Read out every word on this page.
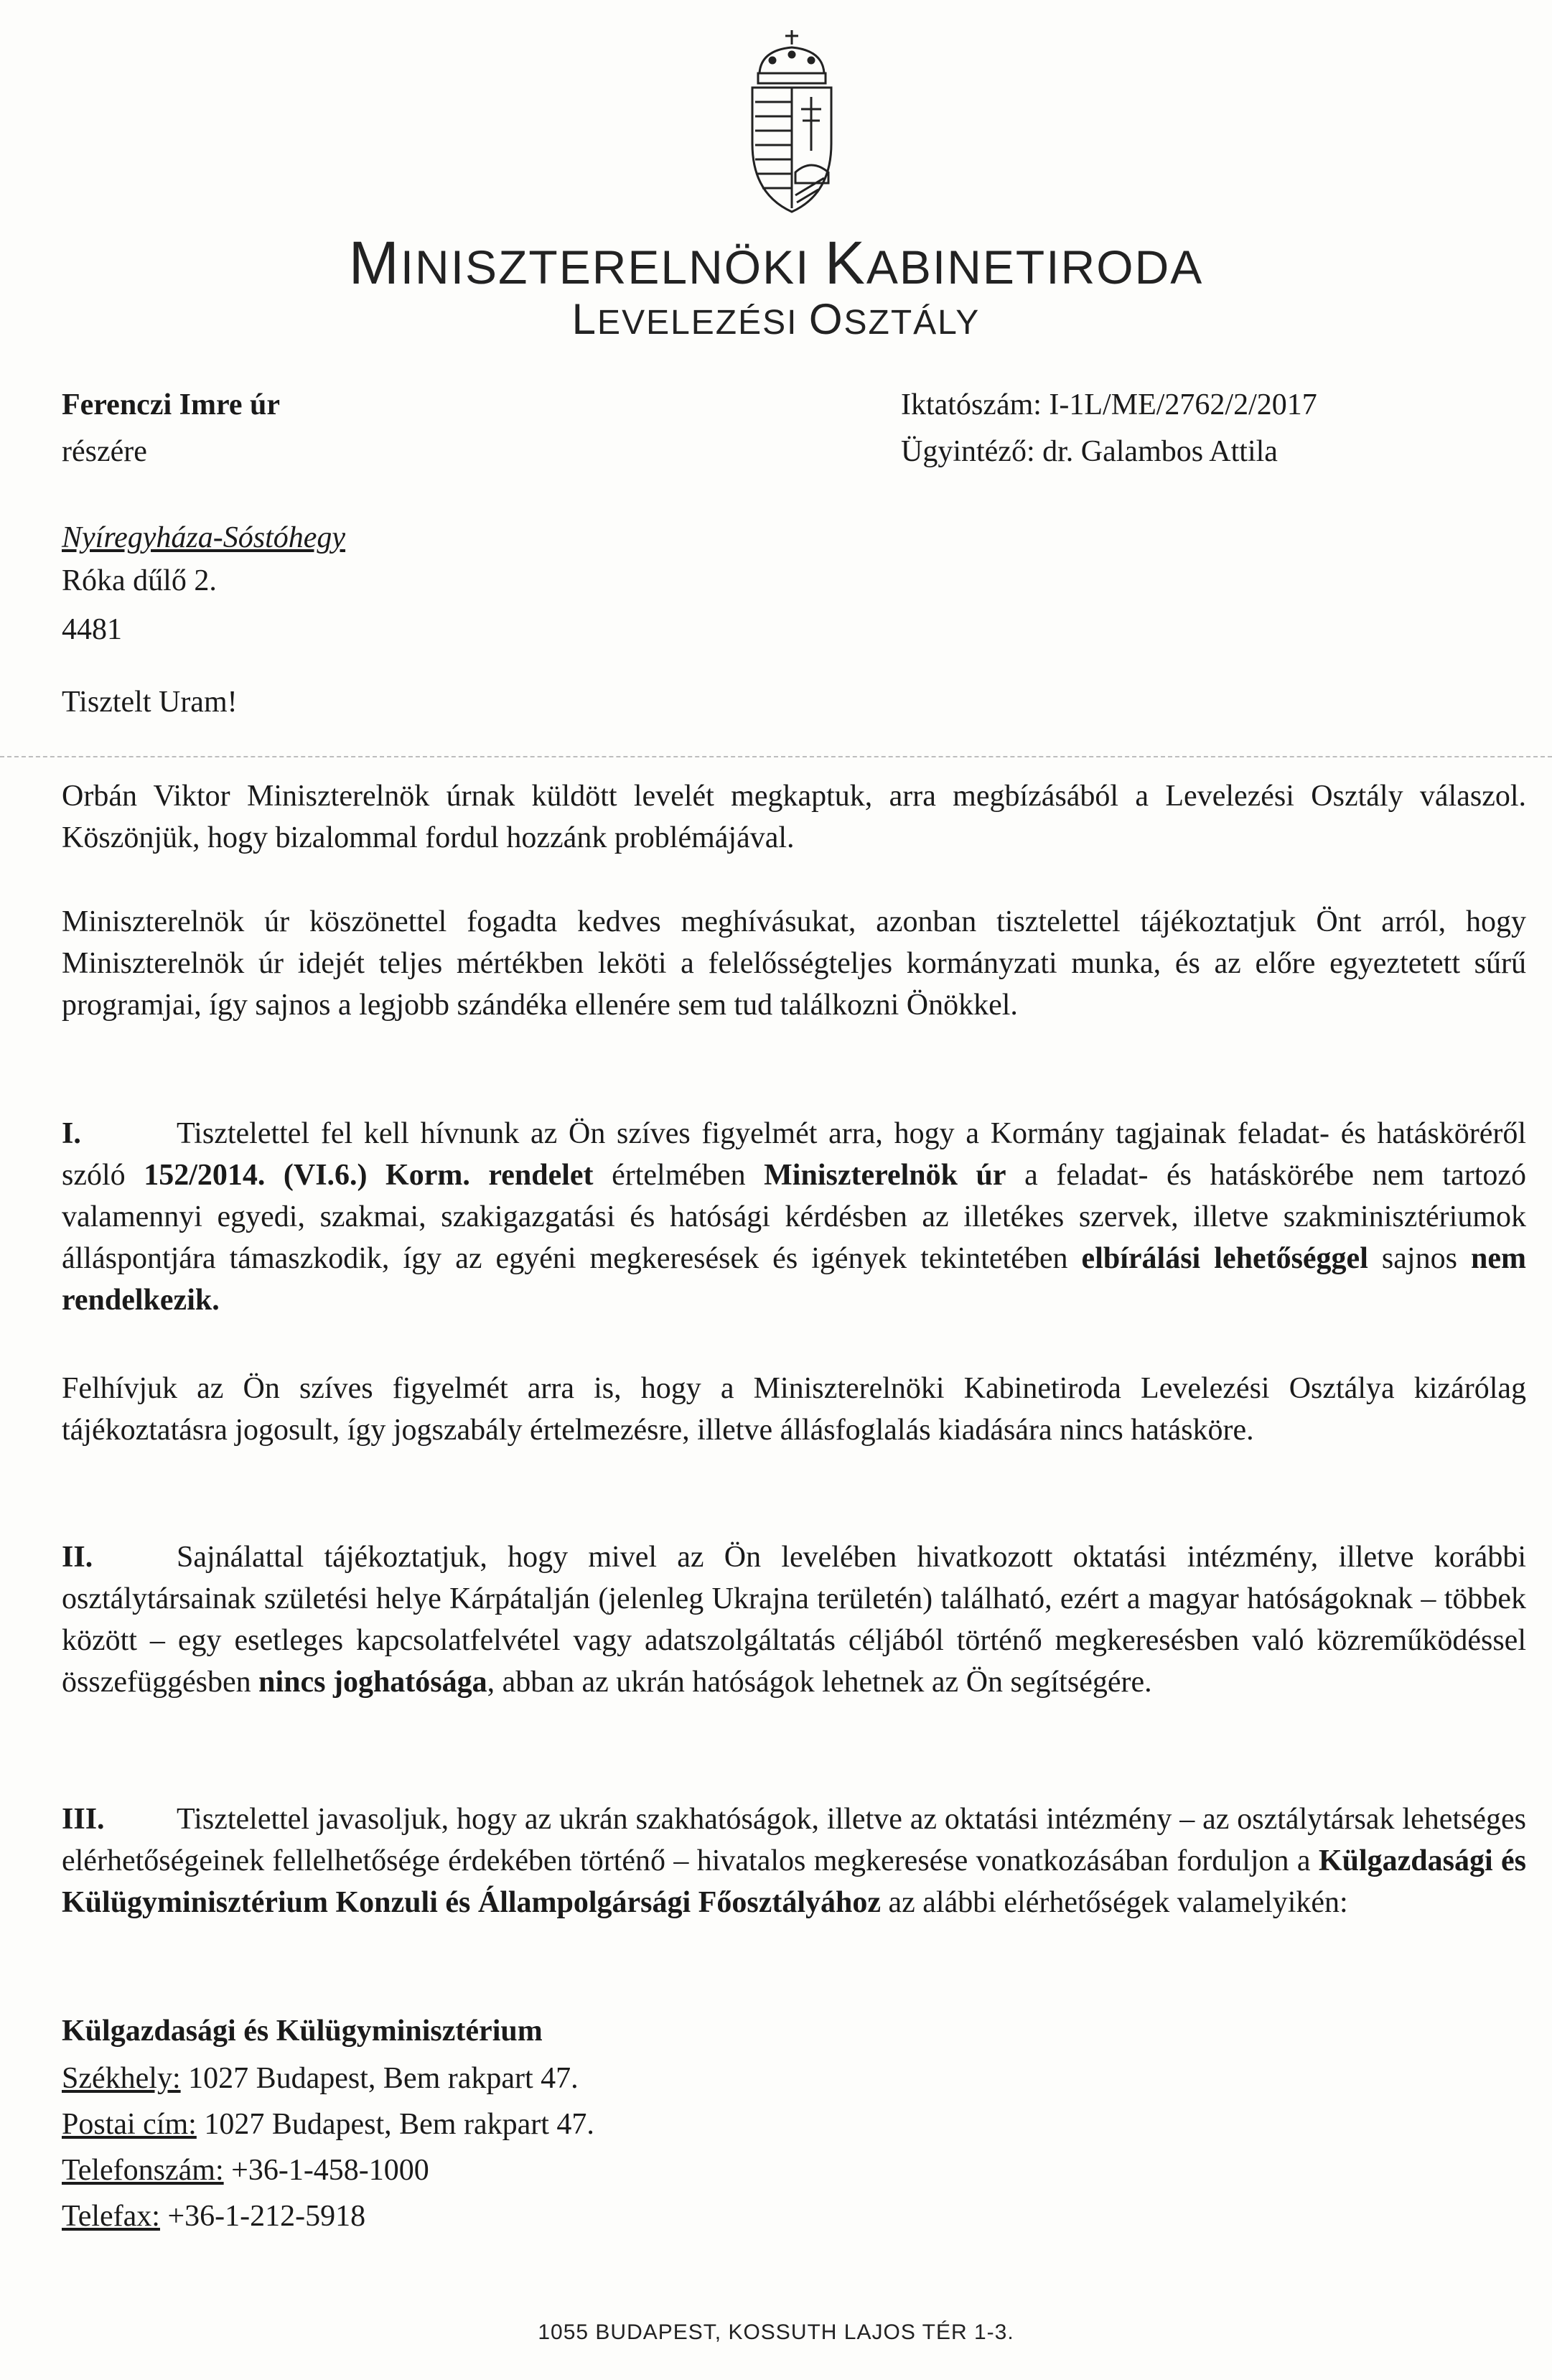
MINISZTERELNÖKI KABINETIRODA
LEVELEZÉSI OSZTÁLY
Ferenczi Imre úr
részére
Nyíregyháza-Sóstóhegy
Róka dűlő 2.
4481
Iktatószám: I-1L/ME/2762/2/2017
Ügyintéző: dr. Galambos Attila
Tisztelt Uram!
Orbán Viktor Miniszterelnök úrnak küldött levelét megkaptuk, arra megbízásából a Levelezési Osztály válaszol. Köszönjük, hogy bizalommal fordul hozzánk problémájával.
Miniszterelnök úr köszönettel fogadta kedves meghívásukat, azonban tisztelettel tájékoztatjuk Önt arról, hogy Miniszterelnök úr idejét teljes mértékben leköti a felelősségteljes kormányzati munka, és az előre egyeztetett sűrű programjai, így sajnos a legjobb szándéka ellenére sem tud találkozni Önökkel.
I.	Tisztelettel fel kell hívnunk az Ön szíves figyelmét arra, hogy a Kormány tagjainak feladat- és hatásköréről szóló 152/2014. (VI.6.) Korm. rendelet értelmében Miniszterelnök úr a feladat- és hatáskörébe nem tartozó valamennyi egyedi, szakmai, szakigazgatási és hatósági kérdésben az illetékes szervek, illetve szakminisztériumok álláspontjára támaszkodik, így az egyéni megkeresések és igények tekintetében elbírálási lehetőséggel sajnos nem rendelkezik.
Felhívjuk az Ön szíves figyelmét arra is, hogy a Miniszterelnöki Kabinetiroda Levelezési Osztálya kizárólag tájékoztatásra jogosult, így jogszabály értelmezésre, illetve állásfoglalás kiadására nincs hatásköre.
II.	Sajnálattal tájékoztatjuk, hogy mivel az Ön levelében hivatkozott oktatási intézmény, illetve korábbi osztálytársainak születési helye Kárpátalján (jelenleg Ukrajna területén) található, ezért a magyar hatóságoknak – többek között – egy esetleges kapcsolatfelvétel vagy adatszolgáltatás céljából történő megkeresésben való közreműködéssel összefüggésben nincs joghatósága, abban az ukrán hatóságok lehetnek az Ön segítségére.
III. Tisztelettel javasoljuk, hogy az ukrán szakhatóságok, illetve az oktatási intézmény – az osztálytársak lehetséges elérhetőségeinek fellelhetősége érdekében történő – hivatalos megkeresése vonatkozásában forduljon a Külgazdasági és Külügyminisztérium Konzuli és Állampolgársági Főosztályához az alábbi elérhetőségek valamelyikén:
Külgazdasági és Külügyminisztérium
Székhely: 1027 Budapest, Bem rakpart 47.
Postai cím: 1027 Budapest, Bem rakpart 47.
Telefonszám: +36-1-458-1000
Telefax: +36-1-212-5918
1055 BUDAPEST, KOSSUTH LAJOS TÉR 1-3.
